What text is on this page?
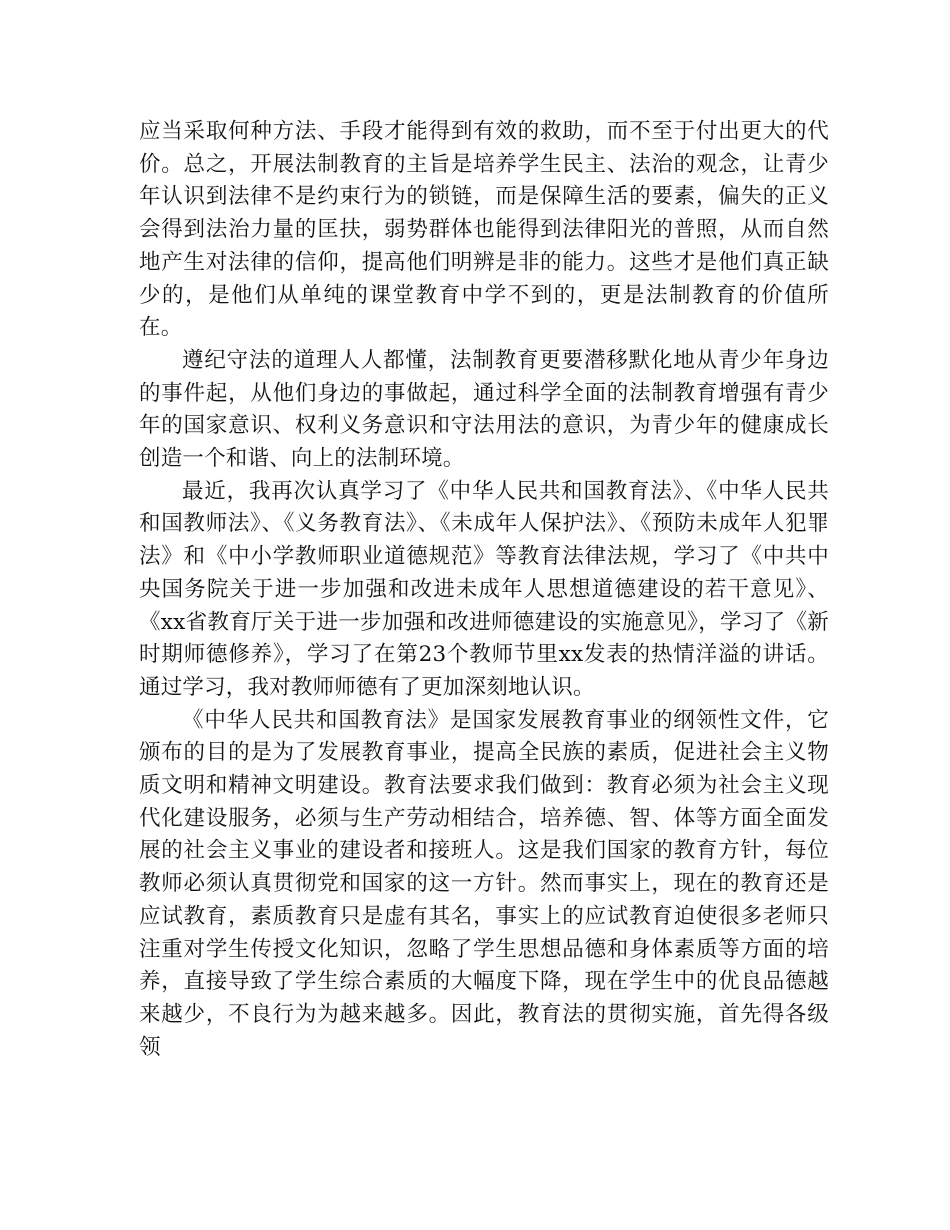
应当采取何种方法、手段才能得到有效的救助，而不至于付出更大的代价。总之，开展法制教育的主旨是培养学生民主、法治的观念，让青少年认识到法律不是约束行为的锁链，而是保障生活的要素，偏失的正义会得到法治力量的匡扶，弱势群体也能得到法律阳光的普照，从而自然地产生对法律的信仰，提高他们明辨是非的能力。这些才是他们真正缺少的，是他们从单纯的课堂教育中学不到的，更是法制教育的价值所在。

遵纪守法的道理人人都懂，法制教育更要潜移默化地从青少年身边的事件起，从他们身边的事做起，通过科学全面的法制教育增强有青少年的国家意识、权利义务意识和守法用法的意识，为青少年的健康成长创造一个和谐、向上的法制环境。

最近，我再次认真学习了《中华人民共和国教育法》、《中华人民共和国教师法》、《义务教育法》、《未成年人保护法》、《预防未成年人犯罪法》和《中小学教师职业道德规范》等教育法律法规，学习了《中共中央国务院关于进一步加强和改进未成年人思想道德建设的若干意见》、《xx省教育厅关于进一步加强和改进师德建设的实施意见》，学习了《新时期师德修养》，学习了在第23个教师节里xx发表的热情洋溢的讲话。通过学习，我对教师师德有了更加深刻地认识。

《中华人民共和国教育法》是国家发展教育事业的纲领性文件，它颁布的目的是为了发展教育事业，提高全民族的素质，促进社会主义物质文明和精神文明建设。教育法要求我们做到：教育必须为社会主义现代化建设服务，必须与生产劳动相结合，培养德、智、体等方面全面发展的社会主义事业的建设者和接班人。这是我们国家的教育方针，每位教师必须认真贯彻党和国家的这一方针。然而事实上，现在的教育还是应试教育，素质教育只是虚有其名，事实上的应试教育迫使很多老师只注重对学生传授文化知识，忽略了学生思想品德和身体素质等方面的培养，直接导致了学生综合素质的大幅度下降，现在学生中的优良品德越来越少，不良行为为越来越多。因此，教育法的贯彻实施，首先得各级领
